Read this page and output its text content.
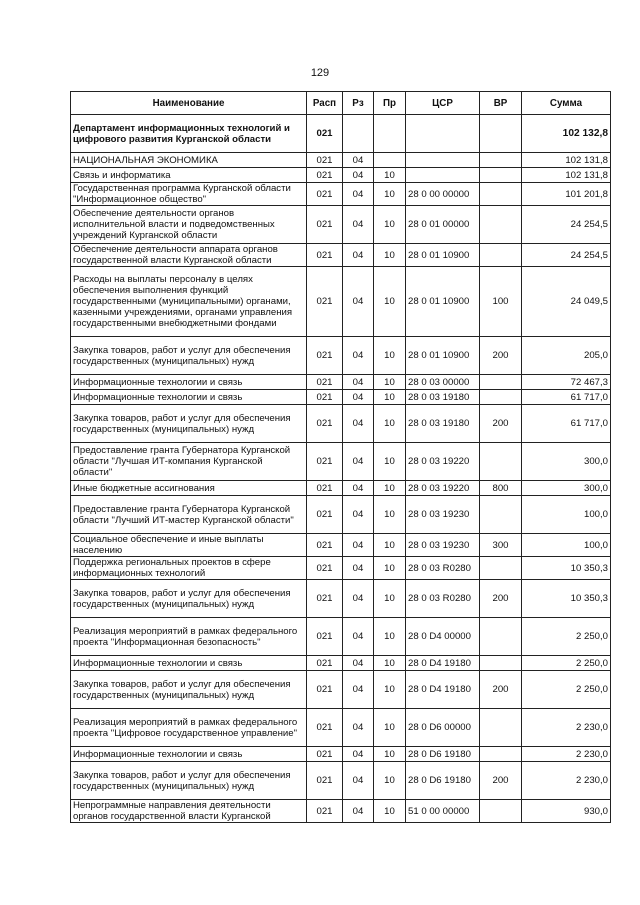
129
Наименование	Расп	Рз	Пр	ЦСР	ВР	Сумма
Департамент информационных технологий и цифрового развития Курганской области	021					102 132,8
НАЦИОНАЛЬНАЯ ЭКОНОМИКА	021	04				102 131,8
Связь и информатика	021	04	10			102 131,8
Государственная программа Курганской области "Информационное общество"	021	04	10	28 0 00 00000		101 201,8
Обеспечение деятельности органов исполнительной власти и подведомственных учреждений Курганской области	021	04	10	28 0 01 00000		24 254,5
Обеспечение деятельности аппарата органов государственной власти Курганской области	021	04	10	28 0 01 10900		24 254,5
Расходы на выплаты персоналу в целях обеспечения выполнения функций государственными (муниципальными) органами, казенными учреждениями, органами управления государственными внебюджетными фондами	021	04	10	28 0 01 10900	100	24 049,5
Закупка товаров, работ и услуг для обеспечения государственных (муниципальных) нужд	021	04	10	28 0 01 10900	200	205,0
Информационные технологии и связь	021	04	10	28 0 03 00000		72 467,3
Информационные технологии и связь	021	04	10	28 0 03 19180		61 717,0
Закупка товаров, работ и услуг для обеспечения государственных (муниципальных) нужд	021	04	10	28 0 03 19180	200	61 717,0
Предоставление гранта Губернатора Курганской области "Лучшая ИТ-компания Курганской области"	021	04	10	28 0 03 19220		300,0
Иные бюджетные ассигнования	021	04	10	28 0 03 19220	800	300,0
Предоставление гранта Губернатора Курганской области "Лучший ИТ-мастер Курганской области"	021	04	10	28 0 03 19230		100,0
Социальное обеспечение и иные выплаты населению	021	04	10	28 0 03 19230	300	100,0
Поддержка региональных проектов в сфере информационных технологий	021	04	10	28 0 03 R0280		10 350,3
Закупка товаров, работ и услуг для обеспечения государственных (муниципальных) нужд	021	04	10	28 0 03 R0280	200	10 350,3
Реализация мероприятий в рамках федерального проекта "Информационная безопасность"	021	04	10	28 0 D4 00000		2 250,0
Информационные технологии и связь	021	04	10	28 0 D4 19180		2 250,0
Закупка товаров, работ и услуг для обеспечения государственных (муниципальных) нужд	021	04	10	28 0 D4 19180	200	2 250,0
Реализация мероприятий в рамках федерального проекта "Цифровое государственное управление"	021	04	10	28 0 D6 00000		2 230,0
Информационные технологии и связь	021	04	10	28 0 D6 19180		2 230,0
Закупка товаров, работ и услуг для обеспечения государственных (муниципальных) нужд	021	04	10	28 0 D6 19180	200	2 230,0
Непрограммные направления деятельности органов государственной власти Курганской	021	04	10	51 0 00 00000		930,0
